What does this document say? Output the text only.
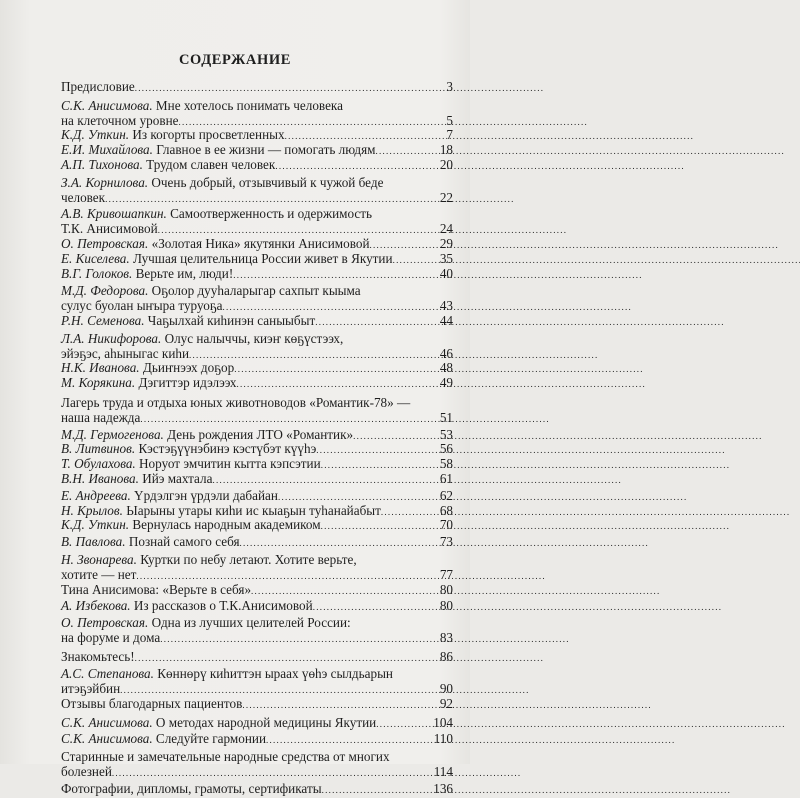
СОДЕРЖАНИЕ
Предисловие . . .	3
С.К. Анисимова. Мне хотелось понимать человека
на клеточном уровне . . .	5
К.Д. Уткин. Из когорты просветленных . . .	7
Е.И. Михайлова. Главное в ее жизни — помогать людям . . .	18
А.П. Тихонова. Трудом славен человек . . .	20
З.А. Корнилова. Очень добрый, отзывчивый к чужой беде
человек . . .	22
А.В. Кривошапкин. Самоотверженность и одержимость
Т.К. Анисимовой . . .	24
О. Петровская. «Золотая Ника» якутянки Анисимовой . . .	29
Е. Киселева. Лучшая целительница России живет в Якутии . . .	35
В.Г. Голоков. Верьте им, люди! . . .	40
М.Д. Федорова. Оҕолор дууһаларыгар сахпыт кыыма
сулус буолан ыҥыра туруоҕа . . .	43
Р.Н. Семенова. Чаҕылхай киһинэн саныыбыт . . .	44
Л.А. Никифорова. Олус налыччы, киэҥ көҕүстээх,
эйэҕэс, аһыныгас киһи . . .	46
Н.К. Иванова. Дьиҥнээх доҕор . . .	48
М. Корякина. Дэгиттэр идэлээх . . .	49
Лагерь труда и отдыха юных животноводов «Романтик-78» —
наша надежда . . .	51
М.Д. Гермогенова. День рождения ЛТО «Романтик» . . .	53
В. Литвинов. Кэстэҕүүнэбинэ кэстүбэт күүһэ . . .	56
Т. Обулахова. Норуот эмчитин кытта кэпсэтии . . .	58
В.Н. Иванова. Ийэ махтала . . .	61
Е. Андреева. Үрдэлгэн үрдэли дабайан . . .	62
Н. Крылов. Ыарыны утары киһи ис кыаҕын туһанайабыт . . .	68
К.Д. Уткин. Вернулась народным академиком . . .	70
В. Павлова. Познай самого себя . . .	73
Н. Звонарева. Куртки по небу летают. Хотите верьте,
хотите — нет . . .	77
Тина Анисимова: «Верьте в себя» . . .	80
А. Избекова. Из рассказов о Т.К.Анисимовой . . .	80
О. Петровская. Одна из лучших целителей России:
на форуме и дома . . .	83
Знакомьтесь! . . .	86
А.С. Степанова. Көннөрү киһиттэн ыраах үөһэ сылдьарын
итэҕэйбин . . .	90
Отзывы благодарных пациентов . . .	92
С.К. Анисимова. О методах народной медицины Якутии . . .	104
С.К. Анисимова. Следуйте гармонии . . .	110
Старинные и замечательные народные средства от многих
болезней . . .	114
Фотографии, дипломы, грамоты, сертификаты . . .	136
